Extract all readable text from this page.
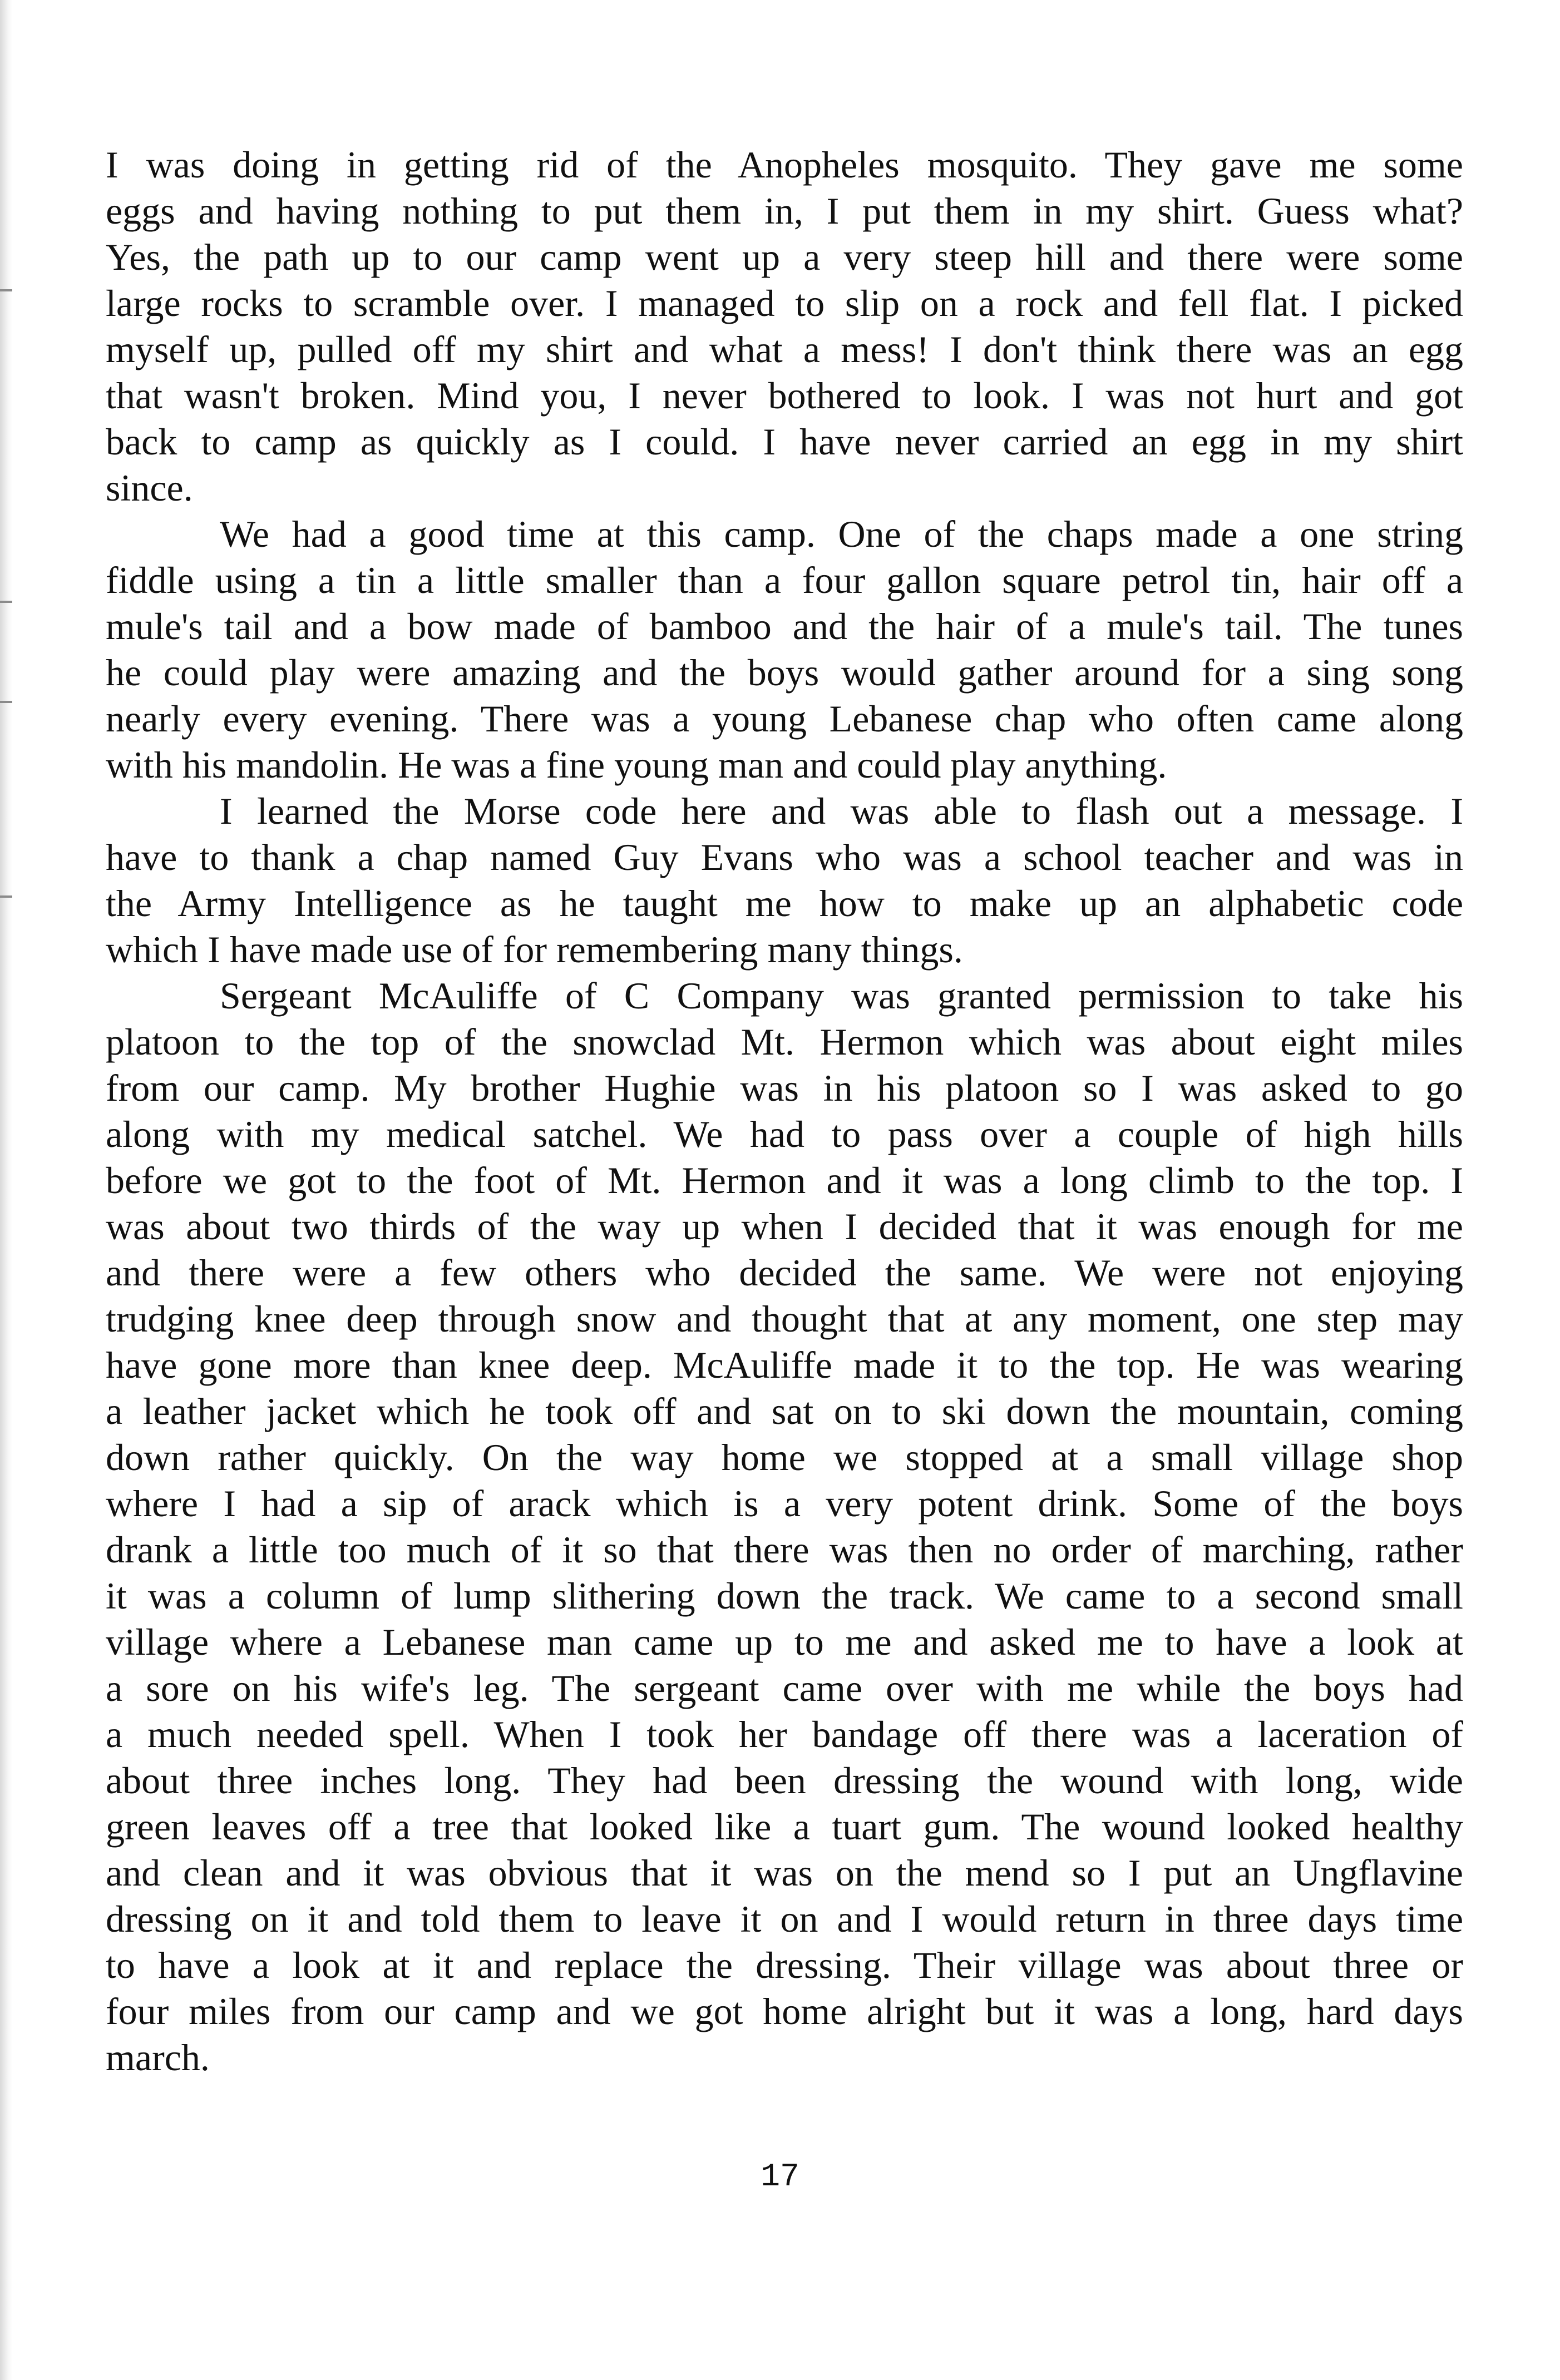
I was doing in getting rid of the Anopheles mosquito. They gave me some
eggs and having nothing to put them in, I put them in my shirt. Guess what?
Yes, the path up to our camp went up a very steep hill and there were some
large rocks to scramble over. I managed to slip on a rock and fell flat. I picked
myself up, pulled off my shirt and what a mess! I don't think there was an egg
that wasn't broken. Mind you, I never bothered to look. I was not hurt and got
back to camp as quickly as I could. I have never carried an egg in my shirt
since.
We had a good time at this camp. One of the chaps made a one string
fiddle using a tin a little smaller than a four gallon square petrol tin, hair off a
mule's tail and a bow made of bamboo and the hair of a mule's tail. The tunes
he could play were amazing and the boys would gather around for a sing song
nearly every evening. There was a young Lebanese chap who often came along
with his mandolin. He was a fine young man and could play anything.
I learned the Morse code here and was able to flash out a message. I
have to thank a chap named Guy Evans who was a school teacher and was in
the Army Intelligence as he taught me how to make up an alphabetic code
which I have made use of for remembering many things.
Sergeant McAuliffe of C Company was granted permission to take his
platoon to the top of the snowclad Mt. Hermon which was about eight miles
from our camp. My brother Hughie was in his platoon so I was asked to go
along with my medical satchel. We had to pass over a couple of high hills
before we got to the foot of Mt. Hermon and it was a long climb to the top. I
was about two thirds of the way up when I decided that it was enough for me
and there were a few others who decided the same. We were not enjoying
trudging knee deep through snow and thought that at any moment, one step may
have gone more than knee deep. McAuliffe made it to the top. He was wearing
a leather jacket which he took off and sat on to ski down the mountain, coming
down rather quickly. On the way home we stopped at a small village shop
where I had a sip of arack which is a very potent drink. Some of the boys
drank a little too much of it so that there was then no order of marching, rather
it was a column of lump slithering down the track. We came to a second small
village where a Lebanese man came up to me and asked me to have a look at
a sore on his wife's leg. The sergeant came over with me while the boys had
a much needed spell. When I took her bandage off there was a laceration of
about three inches long. They had been dressing the wound with long, wide
green leaves off a tree that looked like a tuart gum. The wound looked healthy
and clean and it was obvious that it was on the mend so I put an Ungflavine
dressing on it and told them to leave it on and I would return in three days time
to have a look at it and replace the dressing. Their village was about three or
four miles from our camp and we got home alright but it was a long, hard days
march.
17
